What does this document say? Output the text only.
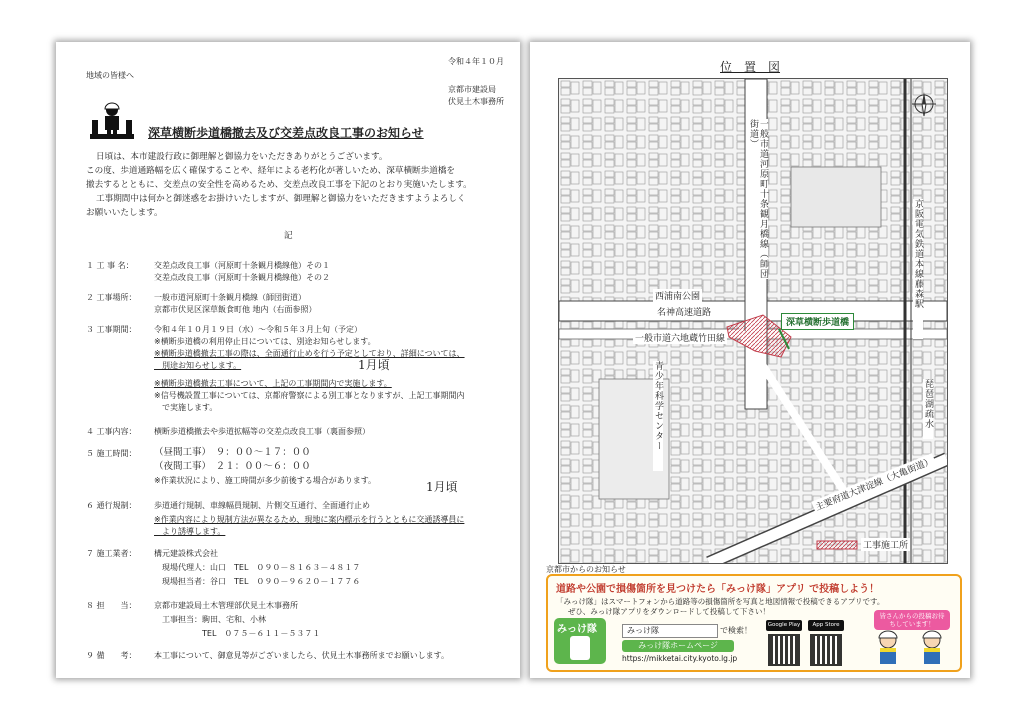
令和４年１０月
地域の皆様へ
京都市建設局
伏見土木事務所
深草横断歩道橋撤去及び交差点改良工事のお知らせ
日頃は、本市建設行政に御理解と御協力をいただきありがとうございます。
この度、歩道通路幅を広く確保することや、経年による老朽化が著しいため、深草横断歩道橋を
撤去するとともに、交差点の安全性を高めるため、交差点改良工事を下記のとおり実施いたします。
工事期間中は何かと御迷惑をお掛けいたしますが、御理解と御協力をいただきますようよろしく
お願いいたします。
記
１ 工 事 名：	交差点改良工事（河原町十条観月橋線他）その１
交差点改良工事（河原町十条観月橋線他）その２
２ 工事場所： 一般市道河原町十条観月橋線（師団街道）
京都市伏見区深草飯食町他 地内（右面参照）
３ 工事期間： 令和４年１０月１９日（水）～令和５年３月上旬（予定）
※横断歩道橋の利用停止日については、別途お知らせします。
※横断歩道橋撤去工事の際は、全面通行止めを行う予定としており、詳細については、
　別途お知らせします。	1月頃
※横断歩道橋撤去工事について、上記の工事期間内で実施します。
※信号機設置工事については、京都府警察による別工事となりますが、上記工事期間内
　で実施します。
４ 工事内容： 横断歩道橋撤去や歩道拡幅等の交差点改良工事（裏面参照）
５ 施工時間： （昼間工事）　９：００～１７：００
（夜間工事）　２１：００～６：００
※作業状況により、施工時間が多少前後する場合があります。
６ 通行規制： 歩道通行規制、車線幅員規制、片側交互通行、全面通行止め
1月頃
※作業内容により規制方法が異なるため、現地に案内標示を行うとともに交通誘導員に
　より誘導します。
７ 施工業者： 構元建設株式会社
　現場代理人：山口　TEL　０９０－８１６３－４８１７
　現場担当者：谷口　TEL　０９０－９６２０－１７７６
８ 担　　当： 京都市建設局土木管理部伏見土木事務所
　工事担当：駒田、宅和、小林
　　　　　　TEL　０７５－６１１－５３７１
９ 備　　考： 本工事について、御意見等がございましたら、伏見土木事務所までお願いします。
位　置　図
一般市道河原町十条観月橋線（師団街道）
西浦南公園
名神高速道路
一般市道六地蔵竹田線
深草横断歩道橋
青少年科学センター
京阪電気鉄道本線藤森駅
琵琶湖疏水
主要府道大津淀線（大亀街道）
工事施工所
京都市からのお知らせ
道路や公園で損傷箇所を見つけたら「みっけ隊」アプリ で投稿しよう！
「みっけ隊」はスマートフォンから道路等の損傷箇所を写真と地図情報で投稿できるアプリです。
ぜひ、みっけ隊アプリをダウンロードして投稿して下さい！
みっけ隊	みっけ隊	で検索！
みっけ隊ホームページ
https://mikketai.city.kyoto.lg.jp
Google Play	App Store
皆さんからの投稿お待ちしています！
